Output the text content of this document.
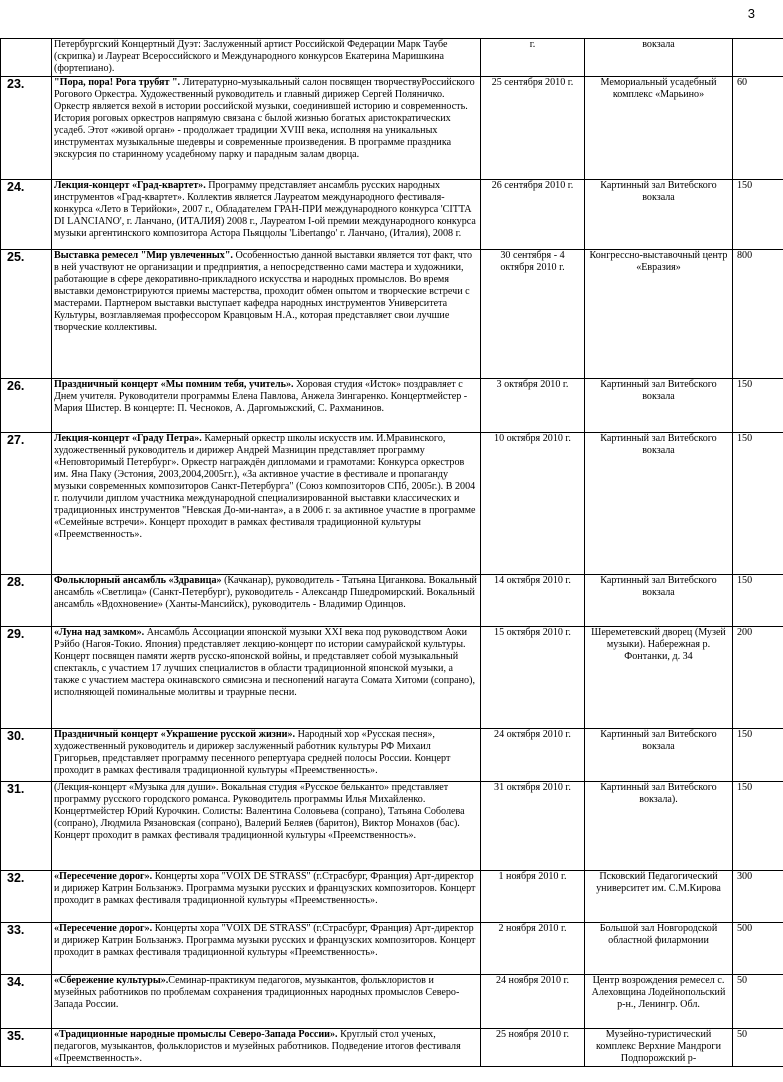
3
	Петербургский Концертный Дуэт: Заслуженный артист Российской Федерации Марк Таубе (скрипка) и Лауреат Всероссийского и Международного конкурсов Екатерина Маришкина (фортепиано).	г.	вокзала	
23.	"Пора, пора! Рога трубят ". Литературно-музыкальный салон посвящен творчествуРоссийского Рогового Оркестра. Художественный руководитель и главный дирижер Сергей Поляничко. Оркестр является вехой в истории российской музыки, соединившей историю и современность. История роговых оркестров напрямую связана с былой жизнью богатых аристократических усадеб. Этот «живой орган» - продолжает традиции XVIII века, исполняя на уникальных инструментах музыкальные шедевры и современные произведения. В программе праздника экскурсия по старинному усадебному парку и парадным залам дворца.	25 сентября 2010 г.	Мемориальный усадебный комплекс «Марьино»	60
24.	Лекция-концерт «Град-квартет». Программу представляет ансамбль русских народных инструментов «Град-квартет». Коллектив является Лауреатом международного фестиваля-конкурса «Лето в Терийоки», 2007 г., Обладателем ГРАН-ПРИ международного конкурса 'CITTA DI LANCIANO', г. Ланчано, (ИТАЛИЯ) 2008 г., Лауреатом I-ой премии международного конкурса музыки аргентинского композитора Астора Пьяццолы 'Libertango' г. Ланчано, (Италия), 2008 г.	26 сентября 2010 г.	Картинный зал Витебского вокзала	150
25.	Выставка ремесел "Мир увлеченных". Особенностью данной выставки является тот факт, что в ней участвуют не организации и предприятия, а непосредственно сами мастера и художники, работающие в сфере декоративно-прикладного искусства и народных промыслов. Во время выставки демонстрируются приемы мастерства, проходит обмен опытом и творческие встречи с мастерами. Партнером выставки выступает кафедра народных инструментов Университета Культуры, возглавляемая профессором Кравцовым Н.А., которая представляет свои лучшие творческие коллективы.	30 сентября - 4 октября 2010 г.	Конгрессно-выставочный центр «Евразия»	800
26.	Праздничный концерт «Мы помним тебя, учитель». Хоровая студия «Исток» поздравляет с Днем учителя. Руководители программы Елена Павлова, Анжела Зингаренко. Концертмейстер - Мария Шистер. В концерте: П. Чесноков, А. Даргомыжский, С. Рахманинов.	3 октября 2010 г.	Картинный зал Витебского вокзала	150
27.	Лекция-концерт «Граду Петра». Камерный оркестр школы искусств им. И.Мравинского, художественный руководитель и дирижер Андрей Мазницин представляет программу «Неповторимый Петербург». Оркестр награждён дипломами и грамотами: Конкурса оркестров им. Яна Паку (Эстония, 2003,2004,2005гг.), «За активное участие в фестивале и пропаганду музыки современных композиторов Санкт-Петербурга" (Союз композиторов СПб, 2005г.). В 2004 г. получили диплом участника международной специализированной выставки классических и традиционных инструментов "Невская До-ми-нанта», а в 2006 г. за активное участие в программе «Семейные встречи». Концерт проходит в рамках фестиваля традиционной культуры «Преемственность».	10 октября 2010 г.	Картинный зал Витебского вокзала	150
28.	Фольклорный ансамбль «Здравица» (Качканар), руководитель - Татьяна Циганкова. Вокальный ансамбль «Светлица» (Санкт-Петербург), руководитель - Александр Пшедромирский. Вокальный ансамбль «Вдохновение» (Ханты-Мансийск), руководитель - Владимир Одинцов.	14 октября 2010 г.	Картинный зал Витебского вокзала	150
29.	«Луна над замком». Ансамбль Ассоциации японской музыки XXI века под руководством Аоки Рэйбо (Нагоя-Токио. Япония) представляет лекцию-концерт по истории самурайской культуры. Концерт посвящен памяти жертв русско-японской войны, и представляет собой музыкальный спектакль, с участием 17 лучших специалистов в области традиционной японской музыки, а также с участием мастера окинавского сямисэна и песнопений нагаута Сомата Хитоми (сопрано), исполняющей поминальные молитвы и траурные песни.	15 октября 2010 г.	Шереметевский дворец (Музей музыки). Набережная р. Фонтанки, д. 34	200
30.	Праздничный концерт «Украшение русской жизни». Народный хор «Русская песня», художественный руководитель и дирижер заслуженный работник культуры РФ Михаил Григорьев, представляет программу песенного репертуара средней полосы России. Концерт проходит в рамках фестиваля традиционной культуры «Преемственность».	24 октября 2010 г.	Картинный зал Витебского вокзала	150
31.	(Лекция-концерт «Музыка для души». Вокальная студия «Русское бельканто» представляет программу русского городского романса. Руководитель программы Илья Михайленко. Концертмейстер Юрий Курочкин. Солисты: Валентина Соловьева (сопрано), Татьяна Соболева (сопрано), Людмила Рязановская (сопрано), Валерий Беляев (баритон), Виктор Монахов (бас). Концерт проходит в рамках фестиваля традиционной культуры «Преемственность».	31 октября 2010 г.	Картинный зал Витебского вокзала).	150
32.	«Пересечение дорог». Концерты хора "VOIX DE STRASS" (г.Страсбург, Франция) Арт-директор и дирижер Катрин Бользанжэ. Программа музыки русских и французских композиторов. Концерт проходит в рамках фестиваля традиционной культуры «Преемственность».	1 ноября 2010 г.	Псковский Педагогический университет им. С.М.Кирова	300
33.	«Пересечение дорог». Концерты хора "VOIX DE STRASS" (г.Страсбург, Франция) Арт-директор и дирижер Катрин Бользанжэ. Программа музыки русских и французских композиторов. Концерт проходит в рамках фестиваля традиционной культуры «Преемственность».	2 ноября 2010 г.	Большой зал Новгородской областной филармонии	500
34.	«Сбережение культуры».Семинар-практикум педагогов, музыкантов, фольклористов и музейных работников по проблемам сохранения традиционных народных промыслов Северо-Запада России.	24 ноября 2010 г.	Центр возрождения ремесел с. Алеховщина Лодейнопольский р-н., Ленингр. Обл.	50
35.	«Традиционные народные промыслы Северо-Запада России». Круглый стол ученых, педагогов, музыкантов, фольклористов и музейных работников. Подведение итогов фестиваля «Преемственность».	25 ноября 2010 г.	Музейно-туристический комплекс Верхние Мандроги Подпорожский р-	50
